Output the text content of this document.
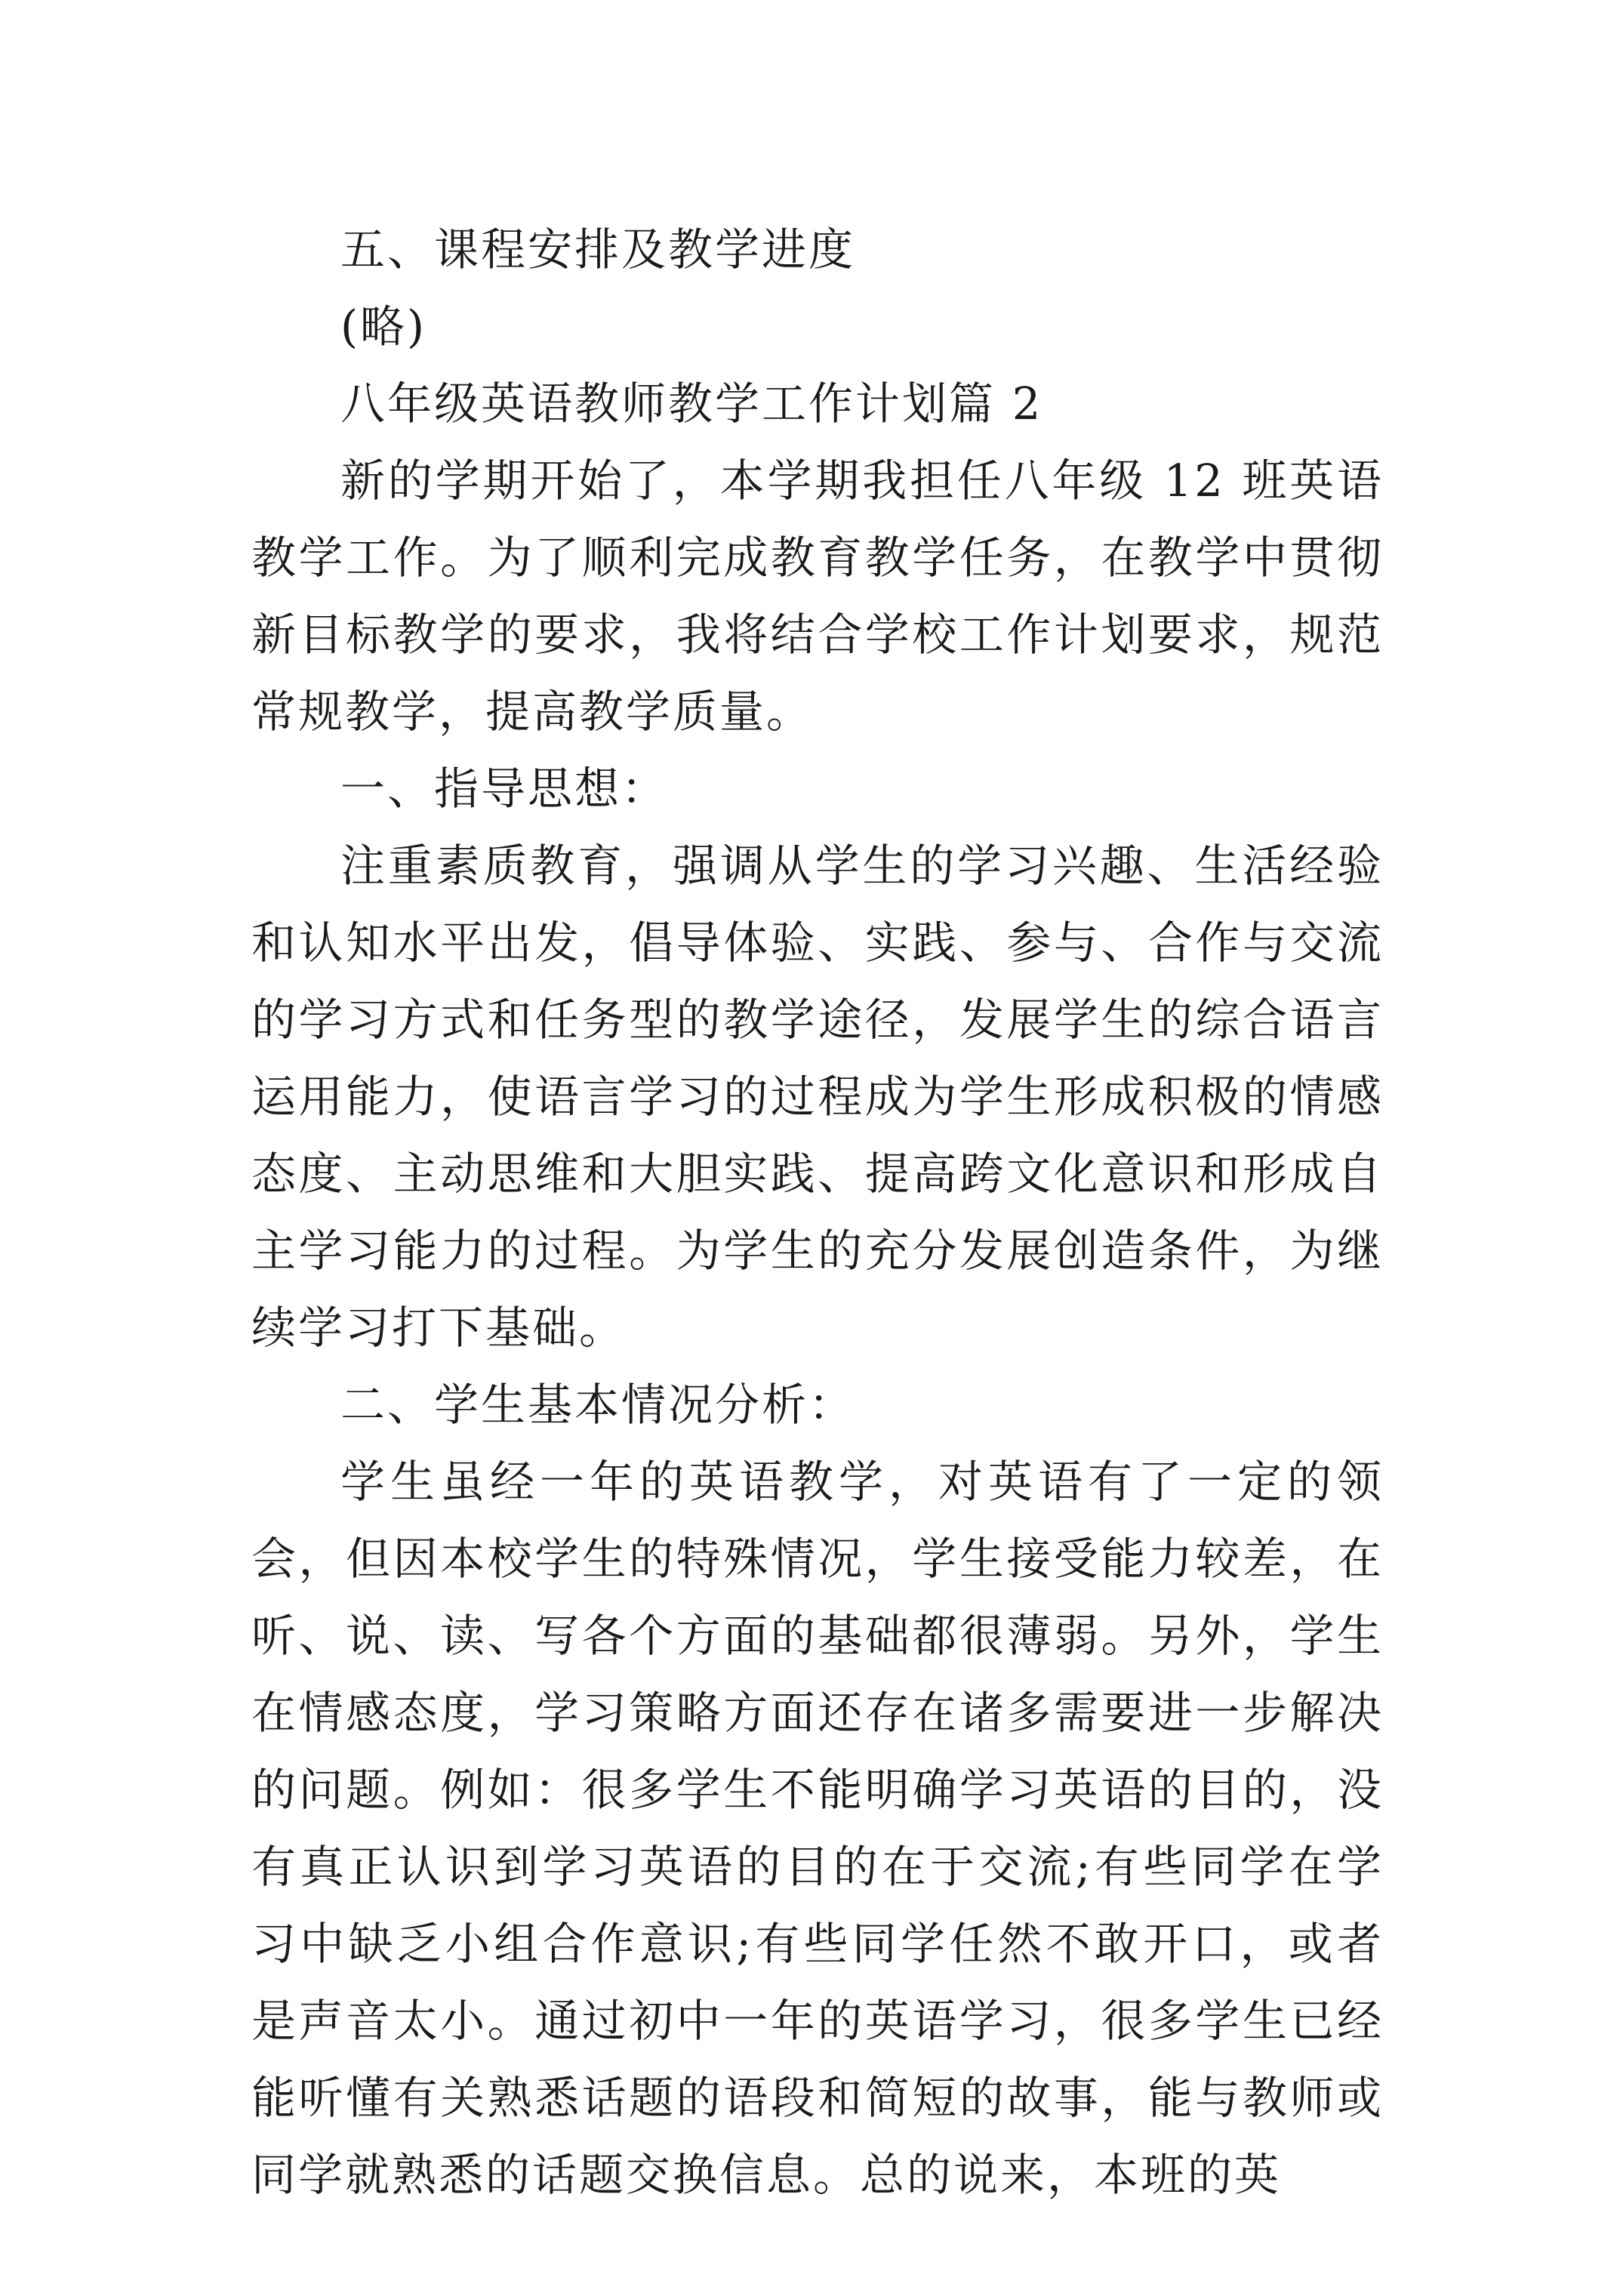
五、课程安排及教学进度

(略)

八年级英语教师教学工作计划篇 2

新的学期开始了，本学期我担任八年级 12 班英语教学工作。为了顺利完成教育教学任务，在教学中贯彻新目标教学的要求，我将结合学校工作计划要求，规范常规教学，提高教学质量。

一、指导思想：

注重素质教育，强调从学生的学习兴趣、生活经验和认知水平出发，倡导体验、实践、参与、合作与交流的学习方式和任务型的教学途径，发展学生的综合语言运用能力，使语言学习的过程成为学生形成积极的情感态度、主动思维和大胆实践、提高跨文化意识和形成自主学习能力的过程。为学生的充分发展创造条件，为继续学习打下基础。

二、学生基本情况分析：

学生虽经一年的英语教学，对英语有了一定的领会，但因本校学生的特殊情况，学生接受能力较差，在听、说、读、写各个方面的基础都很薄弱。另外，学生在情感态度，学习策略方面还存在诸多需要进一步解决的问题。例如：很多学生不能明确学习英语的目的，没有真正认识到学习英语的目的在于交流;有些同学在学习中缺乏小组合作意识;有些同学任然不敢开口，或者是声音太小。通过初中一年的英语学习，很多学生已经能听懂有关熟悉话题的语段和简短的故事，能与教师或同学就熟悉的话题交换信息。总的说来，本班的英
